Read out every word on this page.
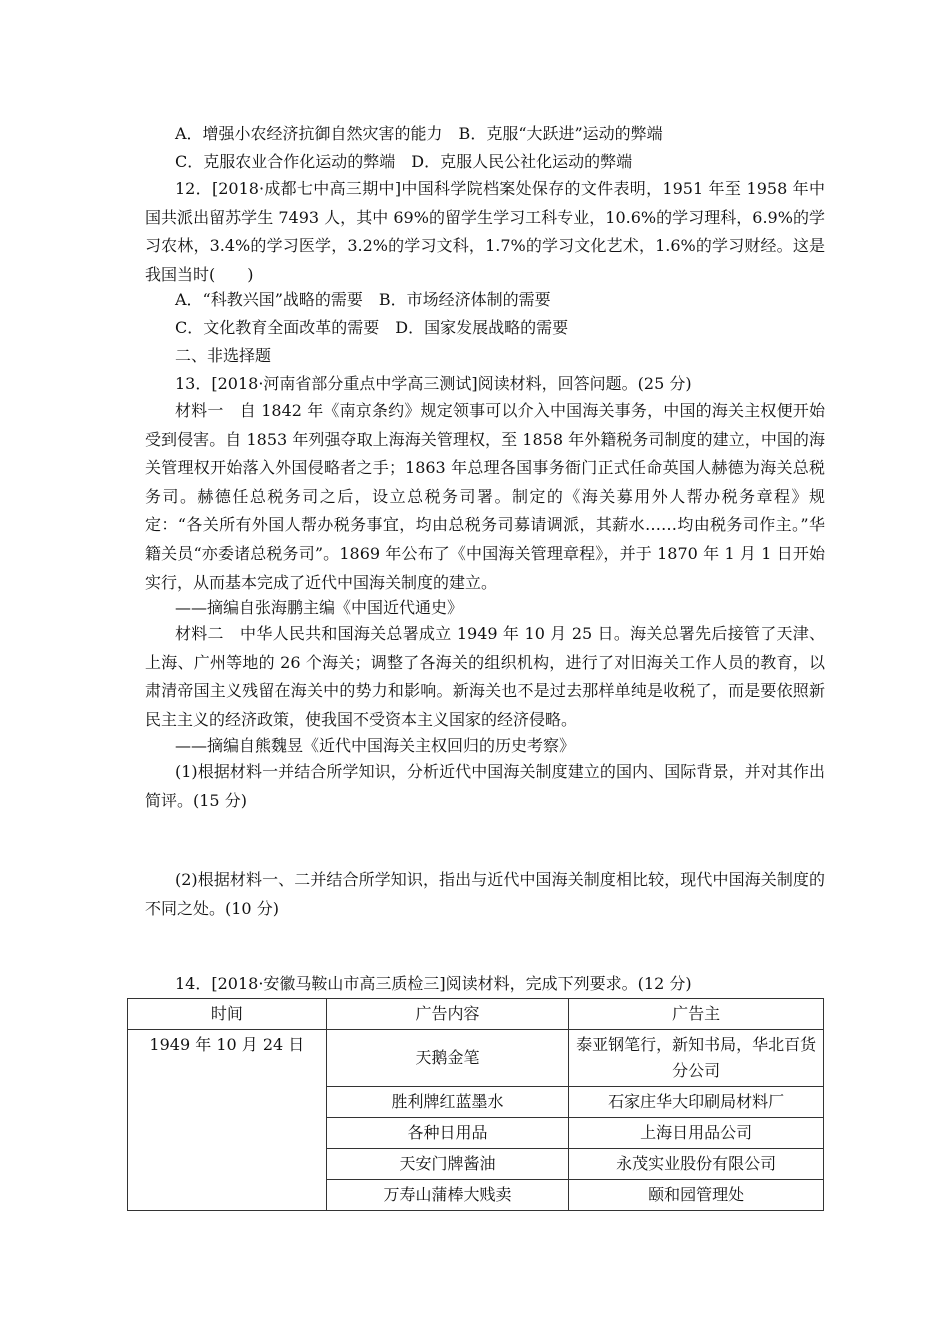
A．增强小农经济抗御自然灾害的能力　B．克服“大跃进”运动的弊端
C．克服农业合作化运动的弊端　D．克服人民公社化运动的弊端
12．[2018·成都七中高三期中]中国科学院档案处保存的文件表明，1951 年至 1958 年中国共派出留苏学生 7493 人，其中 69%的留学生学习工科专业，10.6%的学习理科，6.9%的学习农林，3.4%的学习医学，3.2%的学习文科，1.7%的学习文化艺术，1.6%的学习财经。这是我国当时(　　)
A．“科教兴国”战略的需要　B．市场经济体制的需要
C．文化教育全面改革的需要　D．国家发展战略的需要
二、非选择题
13．[2018·河南省部分重点中学高三测试]阅读材料，回答问题。(25 分)
材料一　自 1842 年《南京条约》规定领事可以介入中国海关事务，中国的海关主权便开始受到侵害。自 1853 年列强夺取上海海关管理权，至 1858 年外籍税务司制度的建立，中国的海关管理权开始落入外国侵略者之手；1863 年总理各国事务衙门正式任命英国人赫德为海关总税务司。赫德任总税务司之后，设立总税务司署。制定的《海关募用外人帮办税务章程》规定：“各关所有外国人帮办税务事宜，均由总税务司募请调派，其薪水……均由税务司作主。”华籍关员“亦委诸总税务司”。1869 年公布了《中国海关管理章程》，并于 1870 年 1 月 1 日开始实行，从而基本完成了近代中国海关制度的建立。
——摘编自张海鹏主编《中国近代通史》
材料二　中华人民共和国海关总署成立 1949 年 10 月 25 日。海关总署先后接管了天津、上海、广州等地的 26 个海关；调整了各海关的组织机构，进行了对旧海关工作人员的教育，以肃清帝国主义残留在海关中的势力和影响。新海关也不是过去那样单纯是收税了，而是要依照新民主主义的经济政策，使我国不受资本主义国家的经济侵略。
——摘编自熊魏昱《近代中国海关主权回归的历史考察》
(1)根据材料一并结合所学知识，分析近代中国海关制度建立的国内、国际背景，并对其作出简评。(15 分)
(2)根据材料一、二并结合所学知识，指出与近代中国海关制度相比较，现代中国海关制度的不同之处。(10 分)
14．[2018·安徽马鞍山市高三质检三]阅读材料，完成下列要求。(12 分)
时间	广告内容	广告主
1949 年 10 月 24 日	天鹅金笔	泰亚钢笔行，新知书局，华北百货分公司
	胜利牌红蓝墨水	石家庄华大印刷局材料厂
	各种日用品	上海日用品公司
	天安门牌酱油	永茂实业股份有限公司
	万寿山蒲棒大贱卖	颐和园管理处
